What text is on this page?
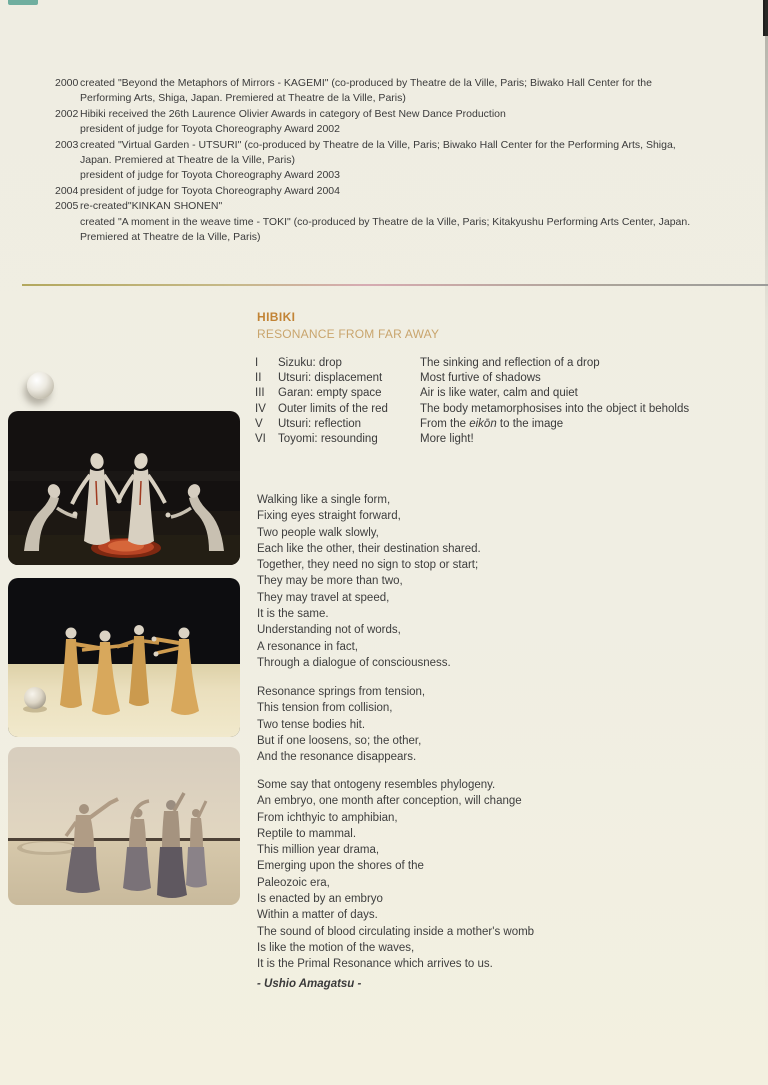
2000 created "Beyond the Metaphors of Mirrors - KAGEMI" (co-produced by Theatre de la Ville, Paris; Biwako Hall Center for the
Performing Arts, Shiga, Japan. Premiered at Theatre de la Ville, Paris)
2002 Hibiki received the 26th Laurence Olivier Awards in category of Best New Dance Production
president of judge for Toyota Choreography Award 2002
2003 created "Virtual Garden - UTSURI" (co-produced by Theatre de la Ville, Paris; Biwako Hall Center for the Performing Arts, Shiga,
Japan. Premiered at Theatre de la Ville, Paris)
president of judge for Toyota Choreography Award 2003
2004 president of judge for Toyota Choreography Award 2004
2005 re-created"KINKAN SHONEN"
created "A moment in the weave time - TOKI" (co-produced by Theatre de la Ville, Paris; Kitakyushu Performing Arts Center, Japan.
Premiered at Theatre de la Ville, Paris)
HIBIKI
RESONANCE FROM FAR AWAY
I	Sizuku: drop	The sinking and reflection of a drop
II	Utsuri: displacement	Most furtive of shadows
III	Garan: empty space	Air is like water, calm and quiet
IV	Outer limits of the red	The body metamorphosises into the object it beholds
V	Utsuri: reflection	From the eikōn to the image
VI	Toyomi: resounding	More light!
Walking like a single form,
Fixing eyes straight forward,
Two people walk slowly,
Each like the other, their destination shared.
Together, they need no sign to stop or start;
They may be more than two,
They may travel at speed,
It is the same.
Understanding not of words,
A resonance in fact,
Through a dialogue of consciousness.
Resonance springs from tension,
This tension from collision,
Two tense bodies hit.
But if one loosens, so; the other,
And the resonance disappears.
Some say that ontogeny resembles phylogeny.
An embryo, one month after conception, will change
From ichthyic to amphibian,
Reptile to mammal.
This million year drama,
Emerging upon the shores of the
Paleozoic era,
Is enacted by an embryo
Within a matter of days.
The sound of blood circulating inside a mother's womb
Is like the motion of the waves,
It is the Primal Resonance which arrives to us.
- Ushio Amagatsu -
